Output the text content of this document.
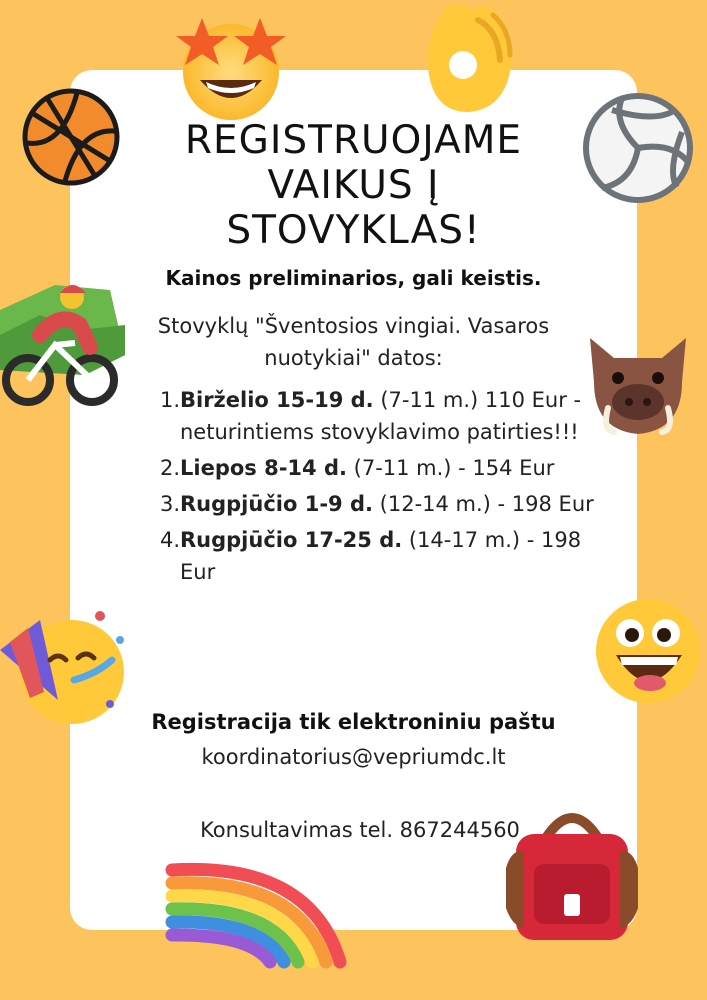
REGISTRUOJAME
VAIKUS Į
STOVYKLAS!
Kainos preliminarios, gali keistis.
Stovyklų "Šventosios vingiai. Vasaros nuotykiai" datos:
1. Birželio 15-19 d. (7-11 m.) 110 Eur - neturintiems stovyklavimo patirties!!!
2. Liepos 8-14 d. (7-11 m.) - 154 Eur
3. Rugpjūčio 1-9 d. (12-14 m.) - 198 Eur
4. Rugpjūčio 17-25 d. (14-17 m.) - 198 Eur
Registracija tik elektroniniu paštu
koordinatorius@vepriumdc.lt
Konsultavimas tel. 867244560
